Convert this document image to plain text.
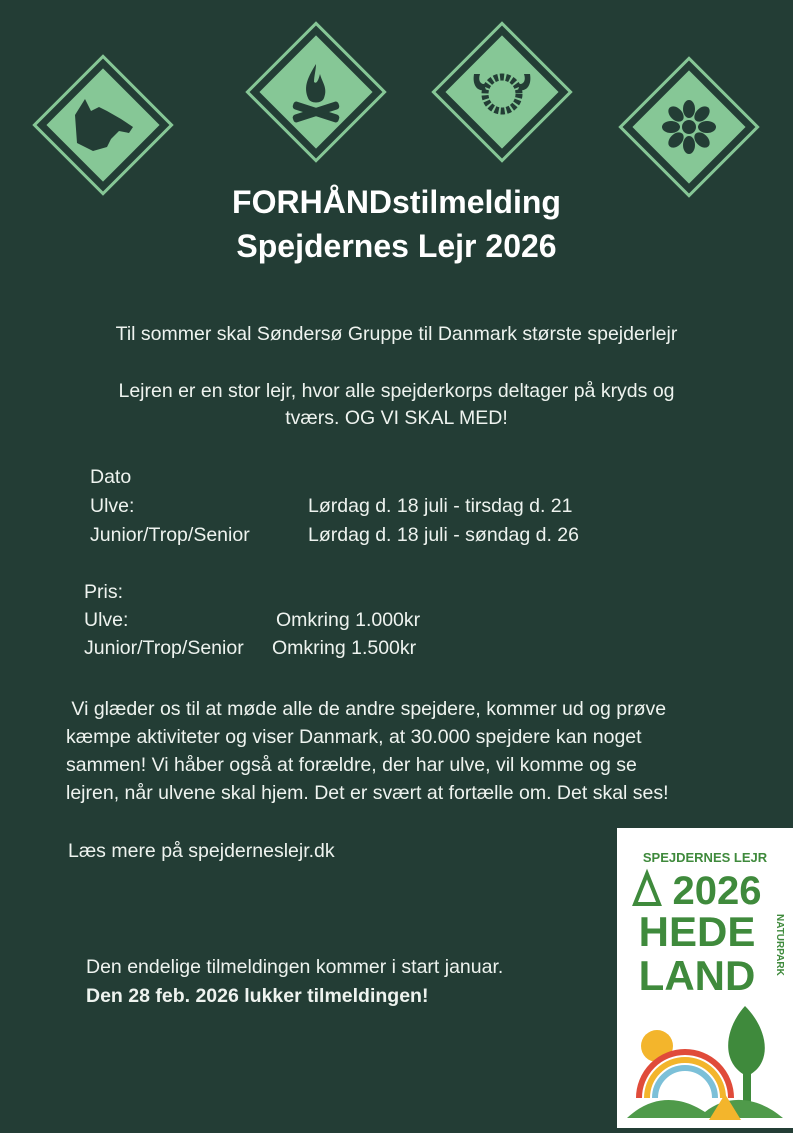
FORHÅNDstilmelding
Spejdernes Lejr 2026
Til sommer skal Søndersø Gruppe til Danmark største spejderlejr
Lejren er en stor lejr, hvor alle spejderkorps deltager på kryds og
tværs. OG VI SKAL MED!
Dato
Ulve:	Lørdag d. 18 juli - tirsdag d. 21
Junior/Trop/Senior	Lørdag d. 18 juli - søndag d. 26
Pris:
Ulve:	Omkring 1.000kr
Junior/Trop/Senior Omkring 1.500kr
Vi glæder os til at møde alle de andre spejdere, kommer ud og prøve
kæmpe aktiviteter og viser Danmark, at 30.000 spejdere kan noget
sammen! Vi håber også at forældre, der har ulve, vil komme og se
lejren, når ulvene skal hjem. Det er svært at fortælle om. Det skal ses!
Læs mere på spejderneslejr.dk
Den endelige tilmeldingen kommer i start januar.
Den 28 feb. 2026 lukker tilmeldingen!
SPEJDERNES LEJR
2026
HEDE
LAND NATURPARK
